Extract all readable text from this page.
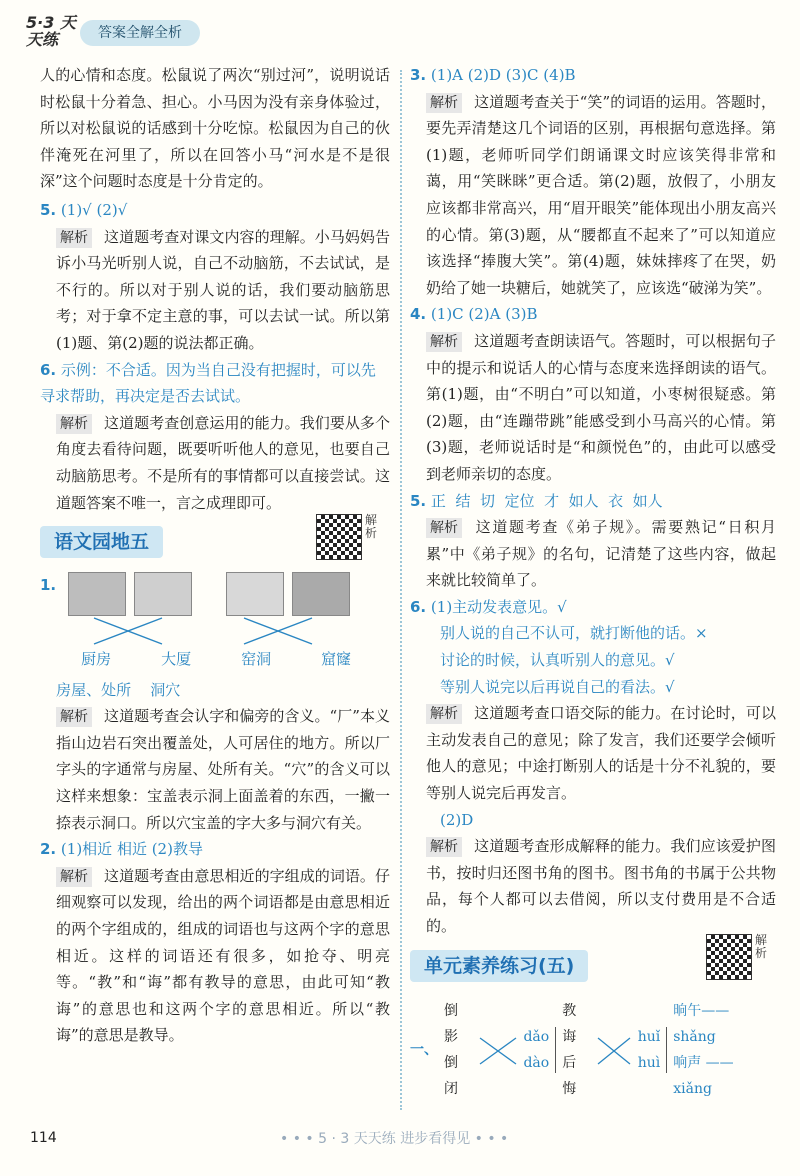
5·3 天天练	答案全解全析

人的心情和态度。松鼠说了两次“别过河”，说明说话时松鼠十分着急、担心。小马因为没有亲身体验过，所以对松鼠说的话感到十分吃惊。松鼠因为自己的伙伴淹死在河里了，所以在回答小马“河水是不是很深”这个问题时态度是十分肯定的。

5. (1)√ (2)√

解析 这道题考查对课文内容的理解。小马妈妈告诉小马光听别人说，自己不动脑筋，不去试试，是不行的。所以对于别人说的话，我们要动脑筋思考；对于拿不定主意的事，可以去试一试。所以第(1)题、第(2)题的说法都正确。

6. 示例：不合适。因为当自己没有把握时，可以先寻求帮助，再决定是否去试试。

解析 这道题考查创意运用的能力。我们要从多个角度去看待问题，既要听听他人的意见，也要自己动脑筋思考。不是所有的事情都可以直接尝试。这道题答案不唯一，言之成理即可。

语文园地五
解析
1.
厨房	大厦	窑洞	窟窿
房屋、处所    洞穴

解析 这道题考查会认字和偏旁的含义。“厂”本义指山边岩石突出覆盖处，人可居住的地方。所以厂字头的字通常与房屋、处所有关。“穴”的含义可以这样来想象：宝盖表示洞上面盖着的东西，一撇一捺表示洞口。所以穴宝盖的字大多与洞穴有关。

2. (1)相近 相近 (2)教导

解析 这道题考查由意思相近的字组成的词语。仔细观察可以发现，给出的两个词语都是由意思相近的两个字组成的，组成的词语也与这两个字的意思相近。这样的词语还有很多，如抢夺、明亮等。“教”和“诲”都有教导的意思，由此可知“教诲”的意思也和这两个字的意思相近。所以“教诲”的意思是教导。

3. (1)A (2)D (3)C (4)B

解析 这道题考查关于“笑”的词语的运用。答题时，要先弄清楚这几个词语的区别，再根据句意选择。第(1)题，老师听同学们朗诵课文时应该笑得非常和蔼，用“笑眯眯”更合适。第(2)题，放假了，小朋友应该都非常高兴，用“眉开眼笑”能体现出小朋友高兴的心情。第(3)题，从“腰都直不起来了”可以知道应该选择“捧腹大笑”。第(4)题，妹妹摔疼了在哭，奶奶给了她一块糖后，她就笑了，应该选“破涕为笑”。

4. (1)C (2)A (3)B

解析 这道题考查朗读语气。答题时，可以根据句子中的提示和说话人的心情与态度来选择朗读的语气。第(1)题，由“不明白”可以知道，小枣树很疑惑。第(2)题，由“连蹦带跳”能感受到小马高兴的心情。第(3)题，老师说话时是“和颜悦色”的，由此可以感受到老师亲切的态度。

5. 正  结  切  定位  才  如人  衣  如人

解析 这道题考查《弟子规》。需要熟记“日积月累”中《弟子规》的名句，记清楚了这些内容，做起来就比较简单了。

6. (1)主动发表意见。√
别人说的自己不认可，就打断他的话。×
讨论的时候，认真听别人的意见。√
等别人说完以后再说自己的看法。√

解析 这道题考查口语交际的能力。在讨论时，可以主动发表自己的意见；除了发言，我们还要学会倾听他人的意见；中途打断别人的话是十分不礼貌的，要等别人说完后再发言。

(2)D

解析 这道题考查形成解释的能力。我们应该爱护图书，按时归还图书角的图书。图书角的书属于公共物品，每个人都可以去借阅，所以支付费用是不合适的。

单元素养练习(五)
解析
一、
倒影
倒闭
dǎo
dào
教诲
后悔
huǐ
huì
晌午—— shǎng
响声 —— xiǎng
114	• • • 5 · 3 天天练 进步看得见 • • •
